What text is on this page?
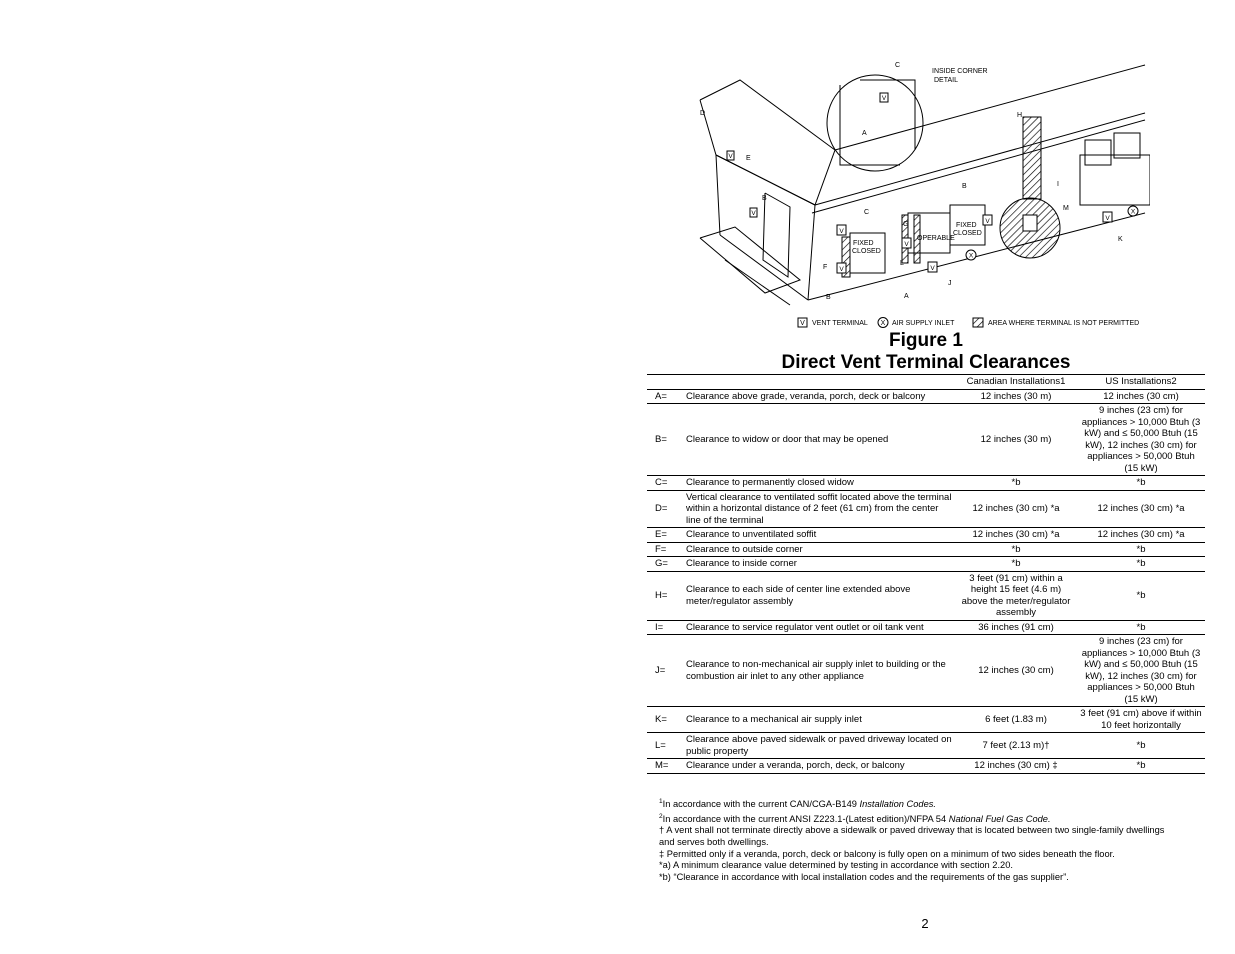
V
V
V
V
V
V
V
V	V
X
X
INSIDE CORNER
DETAIL
FIXED
CLOSED
OPERABLE
FIXED
CLOSED
A
A
B
B
B
C
C
D
E
F
G
H
I
J
K
L
M
V VENT TERMINAL X AIR SUPPLY INLET	AREA WHERE TERMINAL IS NOT PERMITTED
Figure 1
Direct Vent Terminal Clearances
		Canadian Installations1	US Installations2
A=	Clearance above grade, veranda, porch, deck or balcony	12 inches (30 m)	12 inches (30 cm)
B=	Clearance to widow or door that may be opened	12 inches (30 m)	9 inches (23 cm) for appliances > 10,000 Btuh (3 kW) and ≤ 50,000 Btuh (15 kW), 12 inches (30 cm) for appliances > 50,000 Btuh (15 kW)
C=	Clearance to permanently closed widow	*b	*b
D=	Vertical clearance to ventilated soffit located above the terminal within a horizontal distance of 2 feet (61 cm) from the center line of the terminal	12 inches (30 cm) *a	12 inches (30 cm) *a
E=	Clearance to unventilated soffit	12 inches (30 cm) *a	12 inches (30 cm) *a
F=	Clearance to outside corner	*b	*b
G=	Clearance to inside corner	*b	*b
H=	Clearance to each side of center line extended above meter/regulator assembly	3 feet (91 cm) within a height 15 feet (4.6 m) above the meter/regulator assembly	*b
I=	Clearance to service regulator vent outlet or oil tank vent	36 inches (91 cm)	*b
J=	Clearance to non-mechanical air supply inlet to building or the combustion air inlet to any other appliance	12 inches (30 cm)	9 inches (23 cm) for appliances > 10,000 Btuh (3 kW) and ≤ 50,000 Btuh (15 kW), 12 inches (30 cm) for appliances > 50,000 Btuh (15 kW)
K=	Clearance to a mechanical air supply inlet	6 feet (1.83 m)	3 feet (91 cm) above if within 10 feet horizontally
L=	Clearance above paved sidewalk or paved driveway located on public property	7 feet (2.13 m)†	*b
M=	Clearance under a veranda, porch, deck, or balcony	12 inches (30 cm) ‡	*b

$^1$In accordance with the current CAN/CGA-B149 Installation Codes.

$^2$In accordance with the current ANSI Z223.1-(Latest edition)/NFPA 54 National Fuel Gas Code.

† A vent shall not terminate directly above a sidewalk or paved driveway that is located between two single-family dwellings and serves both dwellings.

‡ Permitted only if a veranda, porch, deck or balcony is fully open on a minimum of two sides beneath the floor.

*a) A minimum clearance value determined by testing in accordance with section 2.20.

*b) “Clearance in accordance with local installation codes and the requirements of the gas supplier”.

2
